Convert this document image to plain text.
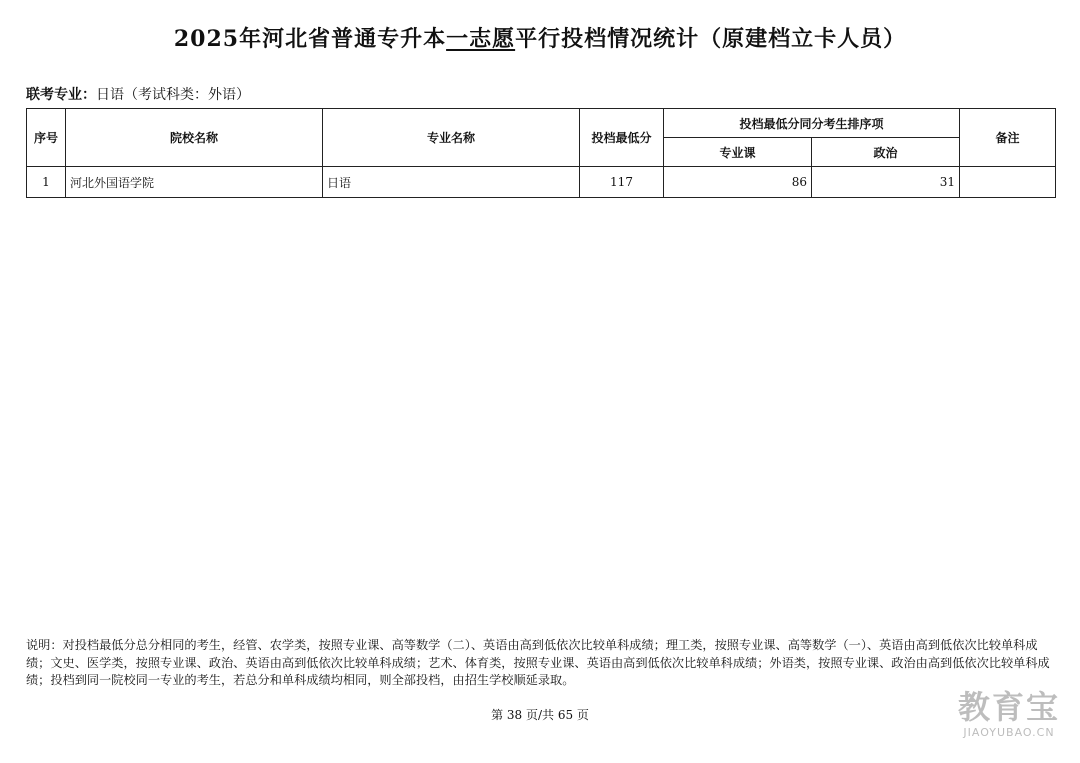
2025年河北省普通专升本一志愿平行投档情况统计（原建档立卡人员）
联考专业：日语（考试科类：外语）
序号	院校名称	专业名称	投档最低分	投档最低分同分考生排序项		备注
				专业课	政治	
1	河北外国语学院	日语	117	86	31	
说明：对投档最低分总分相同的考生，经管、农学类，按照专业课、高等数学（二）、英语由高到低依次比较单科成绩；理工类，按照专业课、高等数学（一）、英语由高到低依次比较单科成绩；文史、医学类，按照专业课、政治、英语由高到低依次比较单科成绩；艺术、体育类，按照专业课、英语由高到低依次比较单科成绩；外语类，按照专业课、政治由高到低依次比较单科成绩；投档到同一院校同一专业的考生，若总分和单科成绩均相同，则全部投档，由招生学校顺延录取。
第 38 页/共 65 页	教育宝
JIAOYUBAO.CN
